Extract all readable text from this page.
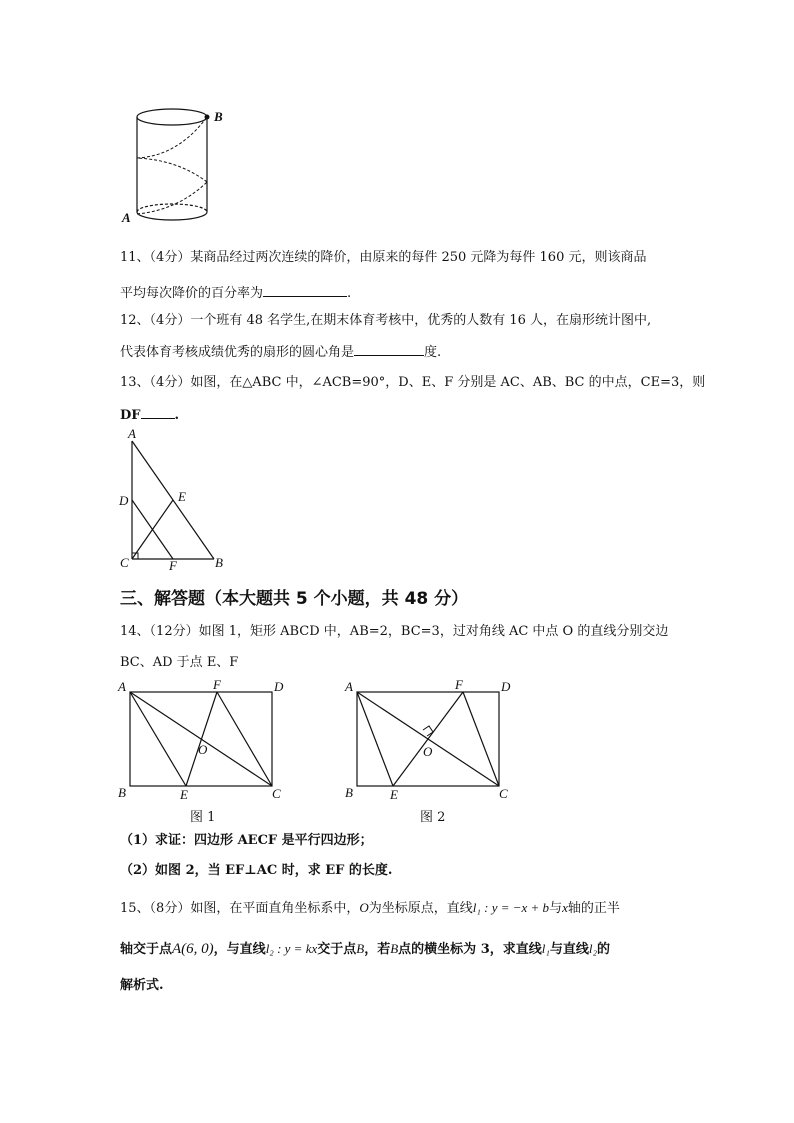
B
A
11、（4分）某商品经过两次连续的降价，由原来的每件 250 元降为每件 160 元，则该商品
平均每次降价的百分率为	.
12、（4分）一个班有 48 名学生,在期末体育考核中，优秀的人数有 16 人，在扇形统计图中,
代表体育考核成绩优秀的扇形的圆心角是	度.
13、（4分）如图，在△ABC 中，∠ACB=90°，D、E、F 分别是 AC、AB、BC 的中点，CE=3，则
DF	.
A
D	E
C	F	B
三、解答题（本大题共 5 个小题，共 48 分）
14、（12分）如图 1，矩形 ABCD 中，AB=2，BC=3，过对角线 AC 中点 O 的直线分别交边
BC、AD 于点 E、F
A	F	D
O
B	E	C
图 1
A	F	D
O
B	E	C
图 2
（1）求证：四边形 AECF 是平行四边形；
（2）如图 2，当 EF⊥AC 时，求 EF 的长度.
15、（8分）如图，在平面直角坐标系中，O为坐标原点，直线l₁ : y = −x + b与x轴的正半
轴交于点A(6, 0)，与直线l₂ : y = kx交于点B，若B点的横坐标为 3，求直线l₁与直线l₂的
解析式.
